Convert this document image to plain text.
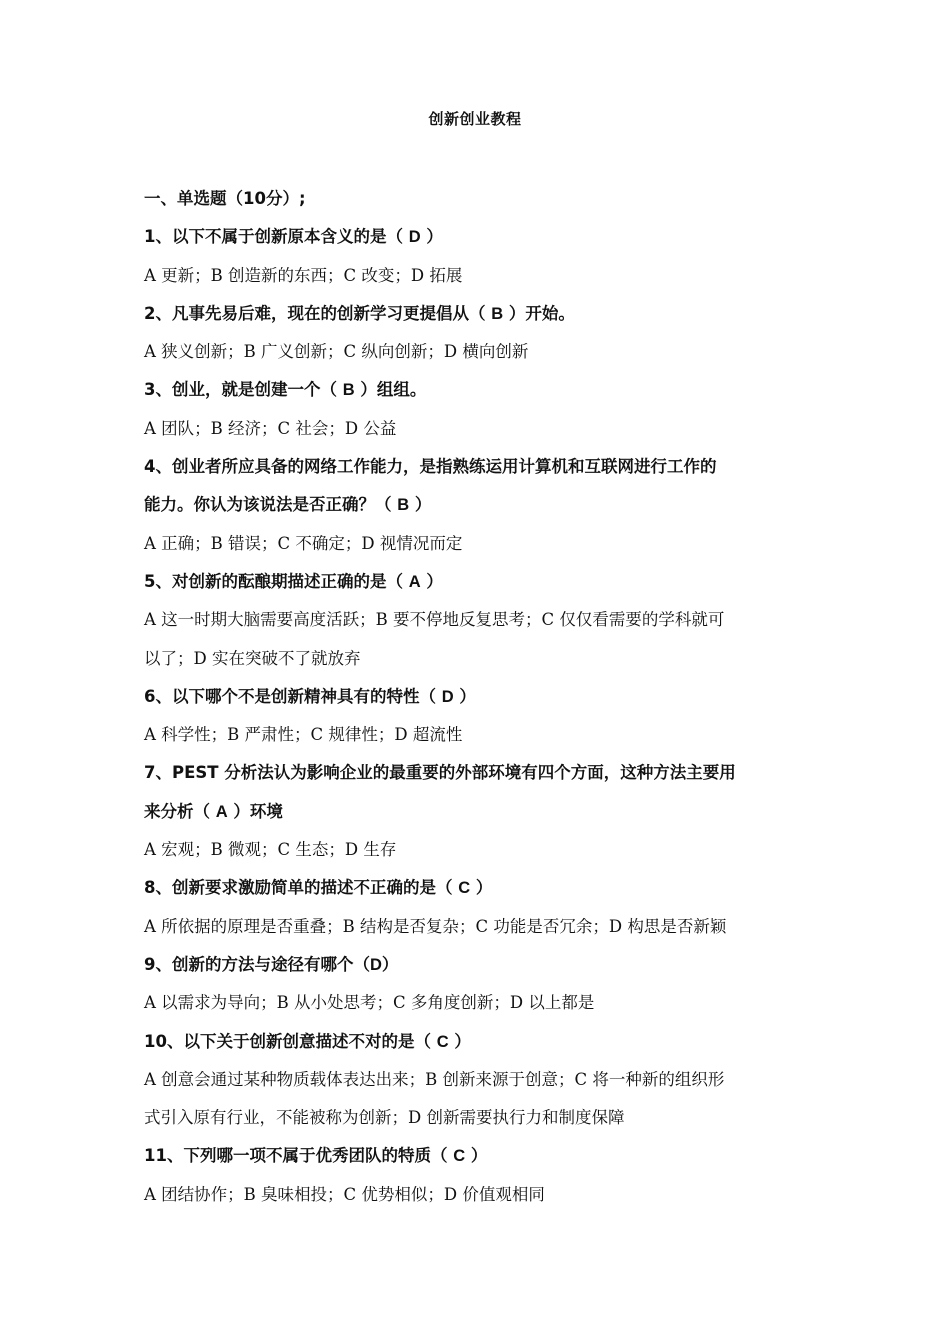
创新创业教程
一、单选题（10分）;
1、以下不属于创新原本含义的是（ D ）
A 更新；B 创造新的东西；C 改变；D 拓展
2、凡事先易后难，现在的创新学习更提倡从（ B ）开始。
A 狭义创新；B 广义创新；C 纵向创新；D 横向创新
3、创业，就是创建一个（ B ）组组。
A 团队；B 经济；C 社会；D 公益
4、创业者所应具备的网络工作能力，是指熟练运用计算机和互联网进行工作的
能力。你认为该说法是否正确？（ B ）
A 正确；B 错误；C 不确定；D 视情况而定
5、对创新的酝酿期描述正确的是（ A ）
A 这一时期大脑需要高度活跃；B 要不停地反复思考；C 仅仅看需要的学科就可
以了；D 实在突破不了就放弃
6、以下哪个不是创新精神具有的特性（ D ）
A 科学性；B 严肃性；C 规律性；D 超流性
7、PEST 分析法认为影响企业的最重要的外部环境有四个方面，这种方法主要用
来分析（ A ）环境
A 宏观；B 微观；C 生态；D 生存
8、创新要求激励简单的描述不正确的是（ C ）
A 所依据的原理是否重叠；B 结构是否复杂；C 功能是否冗余；D 构思是否新颖
9、创新的方法与途径有哪个（D）
A 以需求为导向；B 从小处思考；C 多角度创新；D 以上都是
10、以下关于创新创意描述不对的是（ C ）
A 创意会通过某种物质载体表达出来；B 创新来源于创意；C 将一种新的组织形
式引入原有行业，不能被称为创新；D 创新需要执行力和制度保障
11、下列哪一项不属于优秀团队的特质（ C ）
A 团结协作；B 臭味相投；C 优势相似；D 价值观相同
